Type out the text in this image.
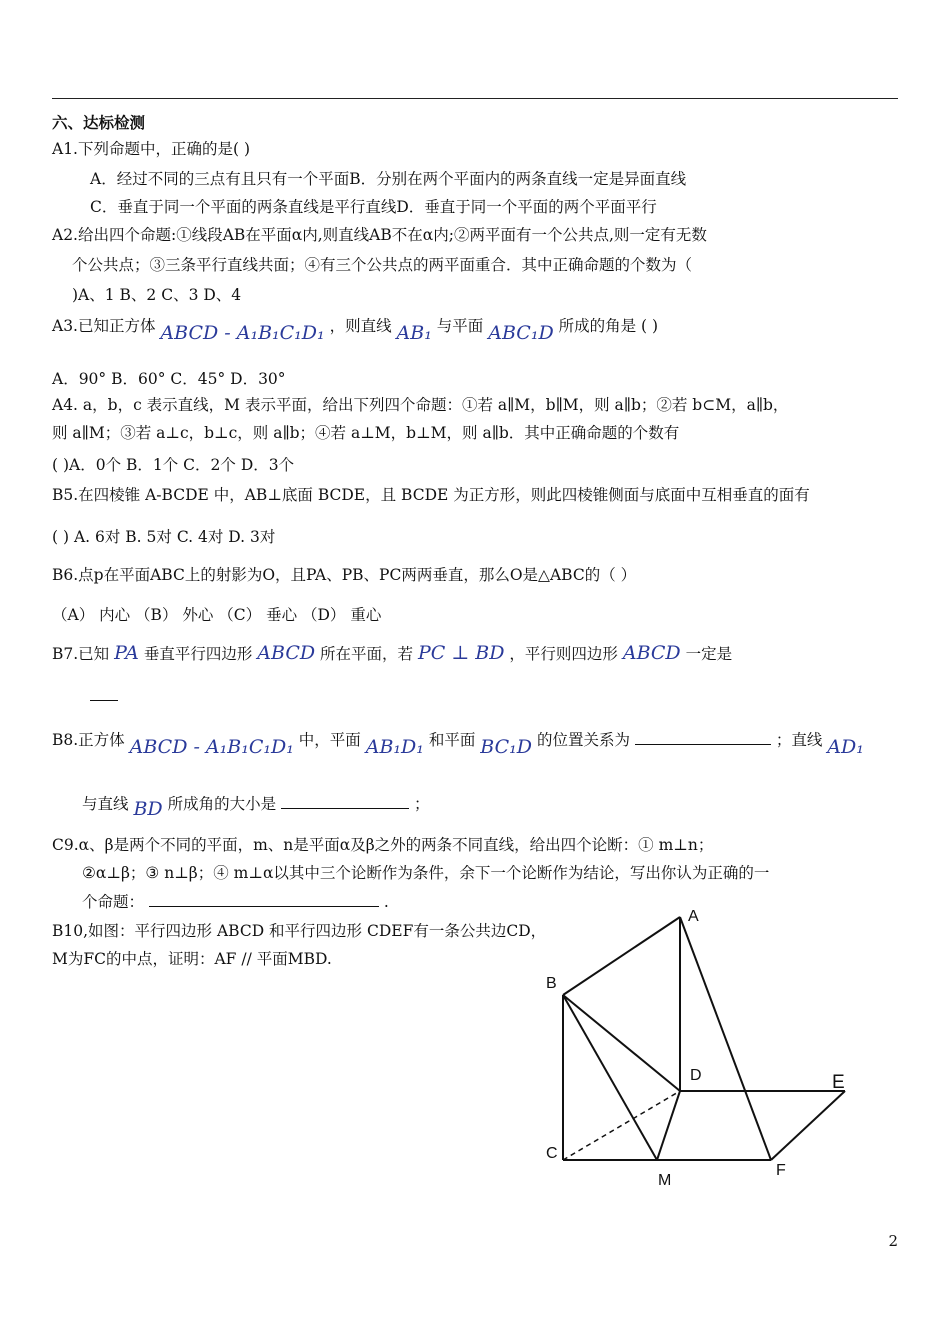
六、达标检测
A1.下列命题中，正确的是( )
A．经过不同的三点有且只有一个平面B．分别在两个平面内的两条直线一定是异面直线
C．垂直于同一个平面的两条直线是平行直线D．垂直于同一个平面的两个平面平行
A2.给出四个命题:①线段AB在平面α内,则直线AB不在α内;②两平面有一个公共点,则一定有无数
个公共点；③三条平行直线共面；④有三个公共点的两平面重合．其中正确命题的个数为（
)A、1 B、2 C、3 D、4
A3.已知正方体 ABCD - A₁B₁C₁D₁ ，则直线 AB₁ 与平面 ABC₁D 所成的角是 ( )
A．90° B．60° C．45° D．30°
A4. a，b，c 表示直线，M 表示平面，给出下列四个命题：①若 a∥M，b∥M，则 a∥b；②若 b⊂M，a∥b，
则 a∥M；③若 a⊥c，b⊥c，则 a∥b；④若 a⊥M，b⊥M，则 a∥b．其中正确命题的个数有
( )A．0个 B．1个 C．2个 D．3个
B5.在四棱锥 A-BCDE 中，AB⊥底面 BCDE，且 BCDE 为正方形，则此四棱锥侧面与底面中互相垂直的面有
( ) A. 6对 B. 5对 C. 4对 D. 3对
B6.点p在平面ABC上的射影为O，且PA、PB、PC两两垂直，那么O是△ABC的（ ）
（A） 内心 （B） 外心 （C） 垂心 （D） 重心
B7.已知 PA 垂直平行四边形 ABCD 所在平面，若 PC ⊥ BD ，平行则四边形 ABCD 一定是
B8.正方体 ABCD - A₁B₁C₁D₁ 中，平面 AB₁D₁ 和平面 BC₁D 的位置关系为	；直线 AD₁
与直线 BD 所成角的大小是	；
C9.α、β是两个不同的平面，m、n是平面α及β之外的两条不同直线，给出四个论断：① m⊥n；
②α⊥β；③ n⊥β；④ m⊥α以其中三个论断作为条件，余下一个论断作为结论，写出你认为正确的一
个命题：	.
B10,如图：平行四边形 ABCD 和平行四边形 CDEF有一条公共边CD，
M为FC的中点，证明：AF // 平面MBD.
A
B
C
D	E
F
M
2
